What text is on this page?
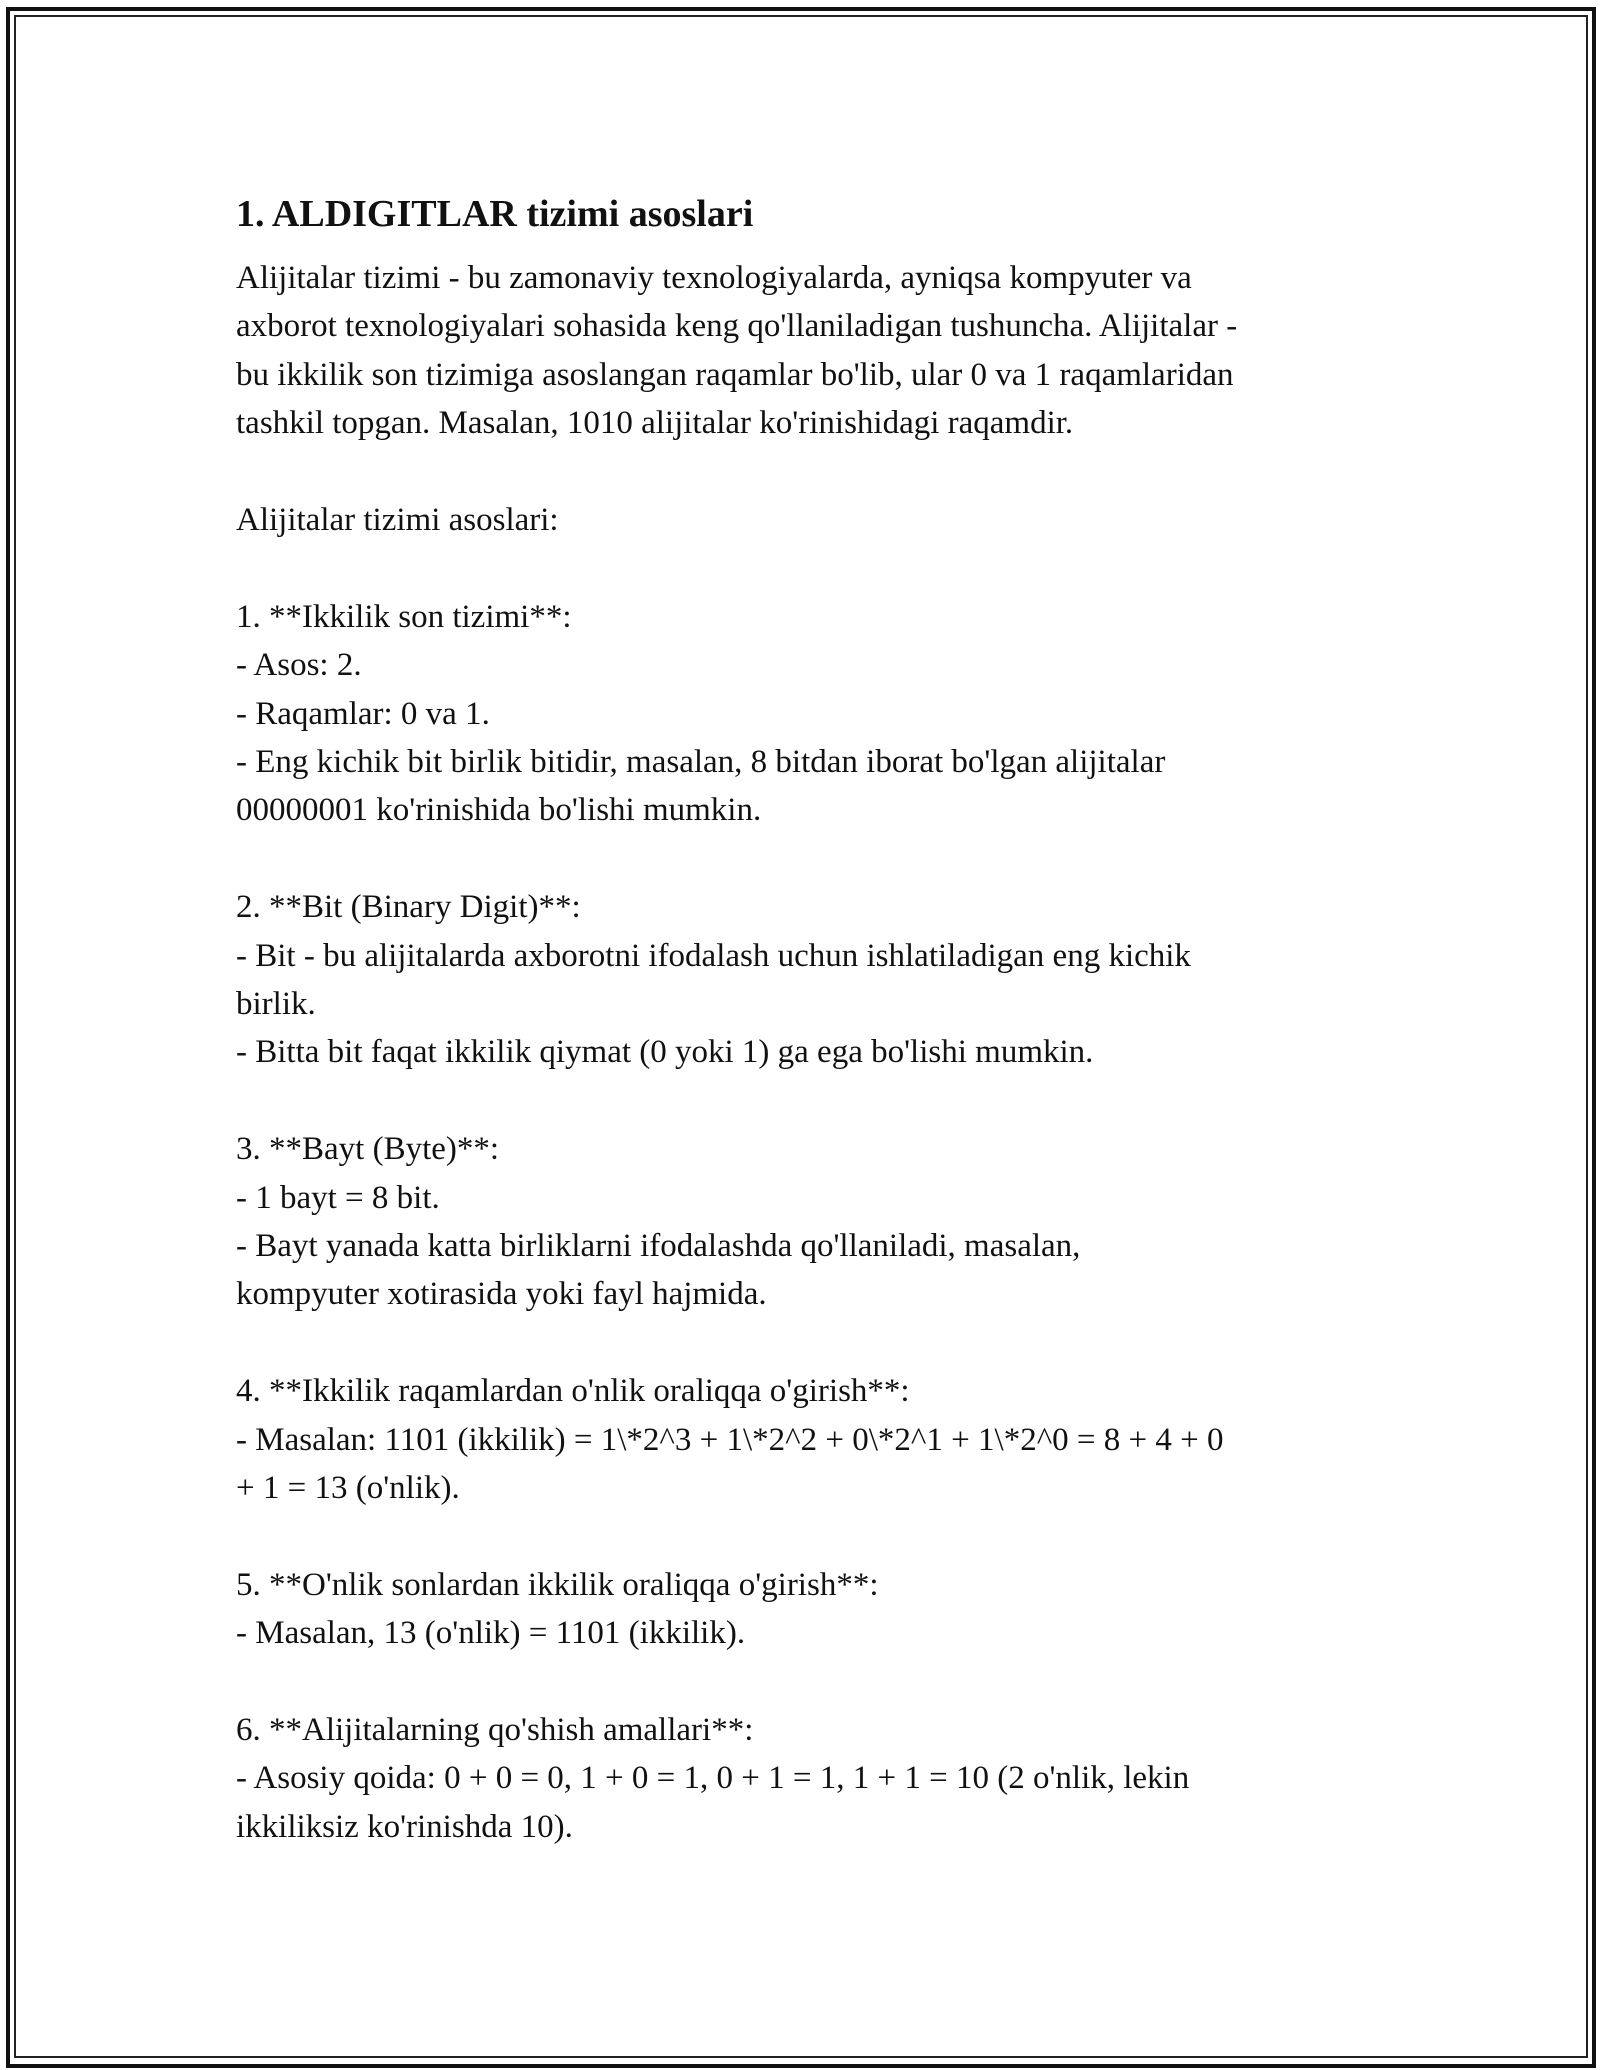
1. ALDIGITLAR tizimi asoslari

Alijitalar tizimi - bu zamonaviy texnologiyalarda, ayniqsa kompyuter va
axborot texnologiyalari sohasida keng qo'llaniladigan tushuncha. Alijitalar -
bu ikkilik son tizimiga asoslangan raqamlar bo'lib, ular 0 va 1 raqamlaridan
tashkil topgan. Masalan, 1010 alijitalar ko'rinishidagi raqamdir.

Alijitalar tizimi asoslari:

1. **Ikkilik son tizimi**:

- Asos: 2.

- Raqamlar: 0 va 1.

- Eng kichik bit birlik bitidir, masalan, 8 bitdan iborat bo'lgan alijitalar
00000001 ko'rinishida bo'lishi mumkin.

2. **Bit (Binary Digit)**:

- Bit - bu alijitalarda axborotni ifodalash uchun ishlatiladigan eng kichik
birlik.

- Bitta bit faqat ikkilik qiymat (0 yoki 1) ga ega bo'lishi mumkin.

3. **Bayt (Byte)**:

- 1 bayt = 8 bit.

- Bayt yanada katta birliklarni ifodalashda qo'llaniladi, masalan,
kompyuter xotirasida yoki fayl hajmida.

4. **Ikkilik raqamlardan o'nlik oraliqqa o'girish**:

- Masalan: 1101 (ikkilik) = 1\*2^3 + 1\*2^2 + 0\*2^1 + 1\*2^0 = 8 + 4 + 0
+ 1 = 13 (o'nlik).

5. **O'nlik sonlardan ikkilik oraliqqa o'girish**:

- Masalan, 13 (o'nlik) = 1101 (ikkilik).

6. **Alijitalarning qo'shish amallari**:

- Asosiy qoida: 0 + 0 = 0, 1 + 0 = 1, 0 + 1 = 1, 1 + 1 = 10 (2 o'nlik, lekin
ikkiliksiz ko'rinishda 10).
